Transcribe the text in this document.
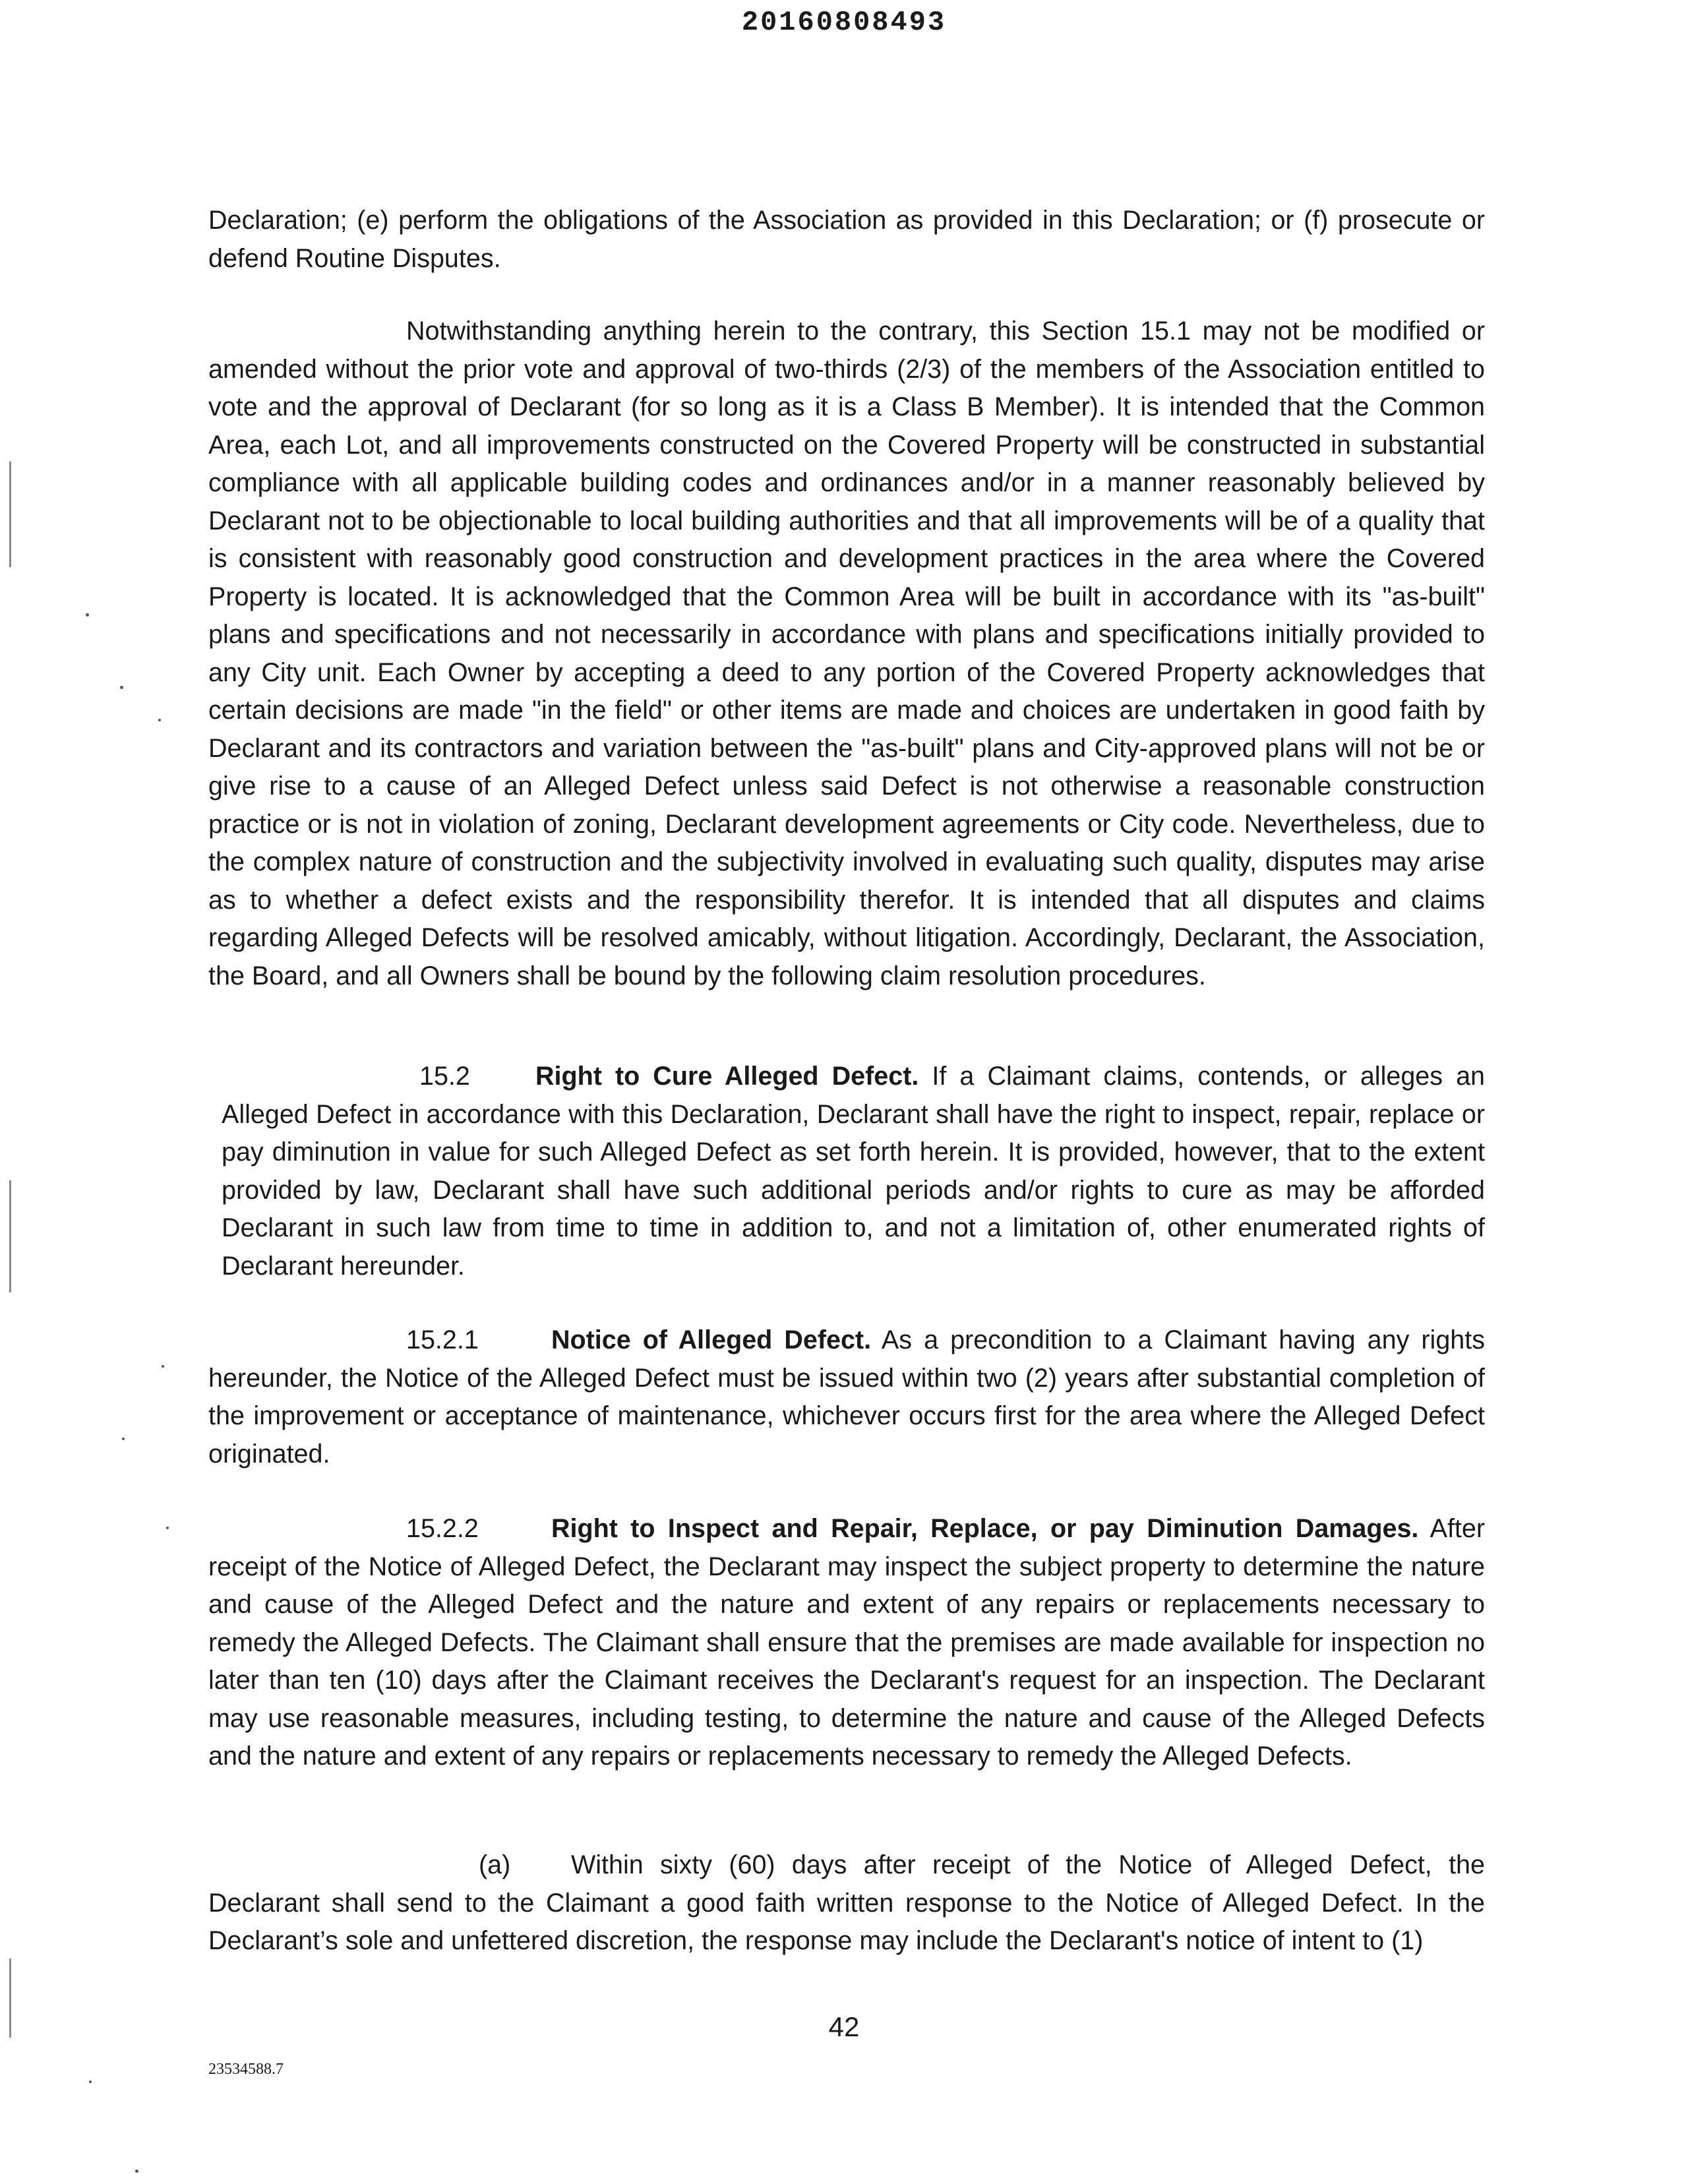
20160808493

Declaration; (e) perform the obligations of the Association as provided in this Declaration; or (f) prosecute or defend Routine Disputes.

Notwithstanding anything herein to the contrary, this Section 15.1 may not be modified or amended without the prior vote and approval of two-thirds (2/3) of the members of the Association entitled to vote and the approval of Declarant (for so long as it is a Class B Member). It is intended that the Common Area, each Lot, and all improvements constructed on the Covered Property will be constructed in substantial compliance with all applicable building codes and ordinances and/or in a manner reasonably believed by Declarant not to be objectionable to local building authorities and that all improvements will be of a quality that is consistent with reasonably good construction and development practices in the area where the Covered Property is located. It is acknowledged that the Common Area will be built in accordance with its "as-built" plans and specifications and not necessarily in accordance with plans and specifications initially provided to any City unit. Each Owner by accepting a deed to any portion of the Covered Property acknowledges that certain decisions are made "in the field" or other items are made and choices are undertaken in good faith by Declarant and its contractors and variation between the "as-built" plans and City-approved plans will not be or give rise to a cause of an Alleged Defect unless said Defect is not otherwise a reasonable construction practice or is not in violation of zoning, Declarant development agreements or City code. Nevertheless, due to the complex nature of construction and the subjectivity involved in evaluating such quality, disputes may arise as to whether a defect exists and the responsibility therefor. It is intended that all disputes and claims regarding Alleged Defects will be resolved amicably, without litigation. Accordingly, Declarant, the Association, the Board, and all Owners shall be bound by the following claim resolution procedures.

15.2	Right to Cure Alleged Defect. If a Claimant claims, contends, or alleges an Alleged Defect in accordance with this Declaration, Declarant shall have the right to inspect, repair, replace or pay diminution in value for such Alleged Defect as set forth herein. It is provided, however, that to the extent provided by law, Declarant shall have such additional periods and/or rights to cure as may be afforded Declarant in such law from time to time in addition to, and not a limitation of, other enumerated rights of Declarant hereunder.

15.2.1	Notice of Alleged Defect. As a precondition to a Claimant having any rights hereunder, the Notice of the Alleged Defect must be issued within two (2) years after substantial completion of the improvement or acceptance of maintenance, whichever occurs first for the area where the Alleged Defect originated.

15.2.2	Right to Inspect and Repair, Replace, or pay Diminution Damages. After receipt of the Notice of Alleged Defect, the Declarant may inspect the subject property to determine the nature and cause of the Alleged Defect and the nature and extent of any repairs or replacements necessary to remedy the Alleged Defects. The Claimant shall ensure that the premises are made available for inspection no later than ten (10) days after the Claimant receives the Declarant's request for an inspection. The Declarant may use reasonable measures, including testing, to determine the nature and cause of the Alleged Defects and the nature and extent of any repairs or replacements necessary to remedy the Alleged Defects.

(a) Within sixty (60) days after receipt of the Notice of Alleged Defect, the Declarant shall send to the Claimant a good faith written response to the Notice of Alleged Defect. In the Declarant’s sole and unfettered discretion, the response may include the Declarant's notice of intent to (1)

42
23534588.7
